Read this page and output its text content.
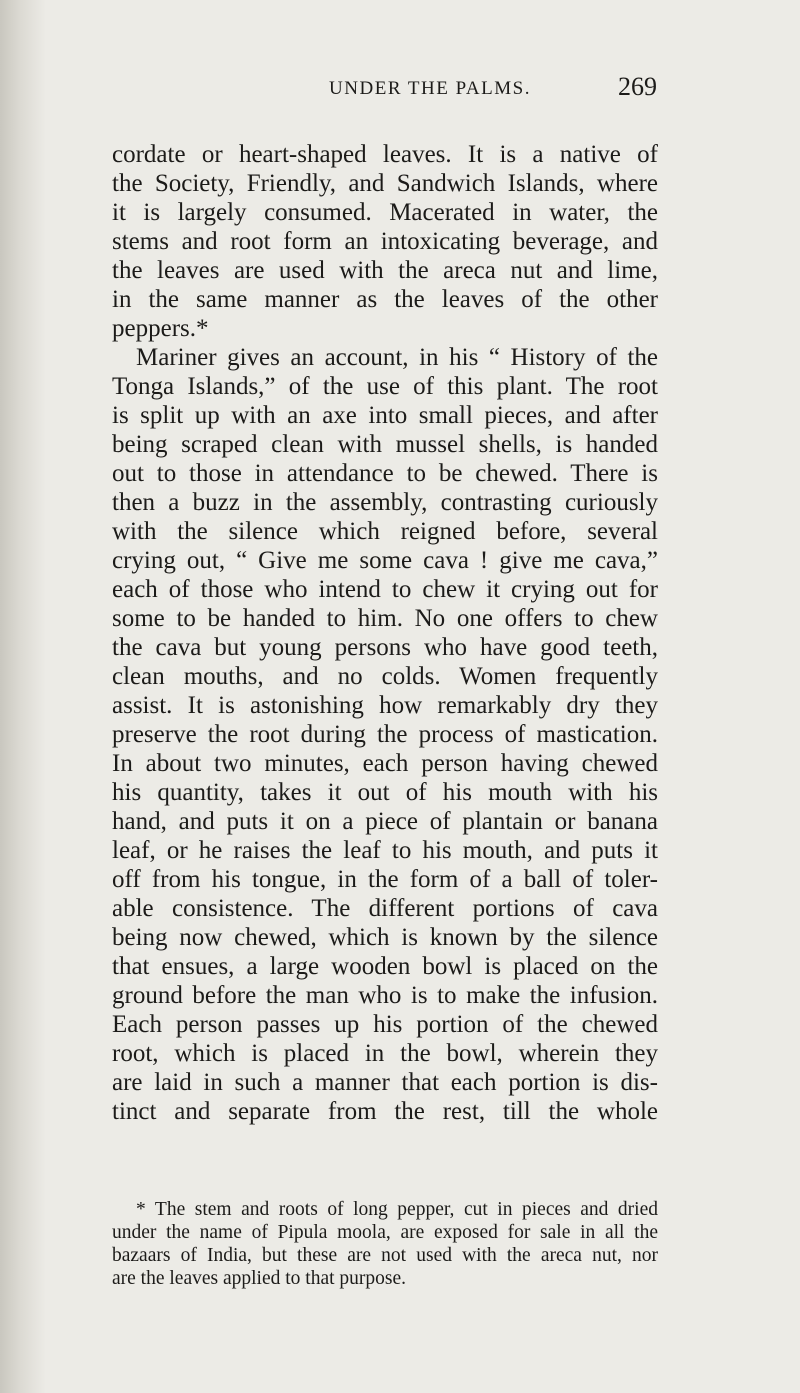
UNDER THE PALMS.	269
cordate or heart-shaped leaves. It is a native of
the Society, Friendly, and Sandwich Islands, where
it is largely consumed. Macerated in water, the
stems and root form an intoxicating beverage, and
the leaves are used with the areca nut and lime,
in the same manner as the leaves of the other
peppers.*
Mariner gives an account, in his “ History of the
Tonga Islands,” of the use of this plant. The root
is split up with an axe into small pieces, and after
being scraped clean with mussel shells, is handed
out to those in attendance to be chewed. There is
then a buzz in the assembly, contrasting curiously
with the silence which reigned before, several
crying out, “ Give me some cava ! give me cava,”
each of those who intend to chew it crying out for
some to be handed to him. No one offers to chew
the cava but young persons who have good teeth,
clean mouths, and no colds. Women frequently
assist. It is astonishing how remarkably dry they
preserve the root during the process of mastication.
In about two minutes, each person having chewed
his quantity, takes it out of his mouth with his
hand, and puts it on a piece of plantain or banana
leaf, or he raises the leaf to his mouth, and puts it
off from his tongue, in the form of a ball of toler-
able consistence. The different portions of cava
being now chewed, which is known by the silence
that ensues, a large wooden bowl is placed on the
ground before the man who is to make the infusion.
Each person passes up his portion of the chewed
root, which is placed in the bowl, wherein they
are laid in such a manner that each portion is dis-
tinct and separate from the rest, till the whole
* The stem and roots of long pepper, cut in pieces and dried
under the name of Pipula moola, are exposed for sale in all the
bazaars of India, but these are not used with the areca nut, nor
are the leaves applied to that purpose.
